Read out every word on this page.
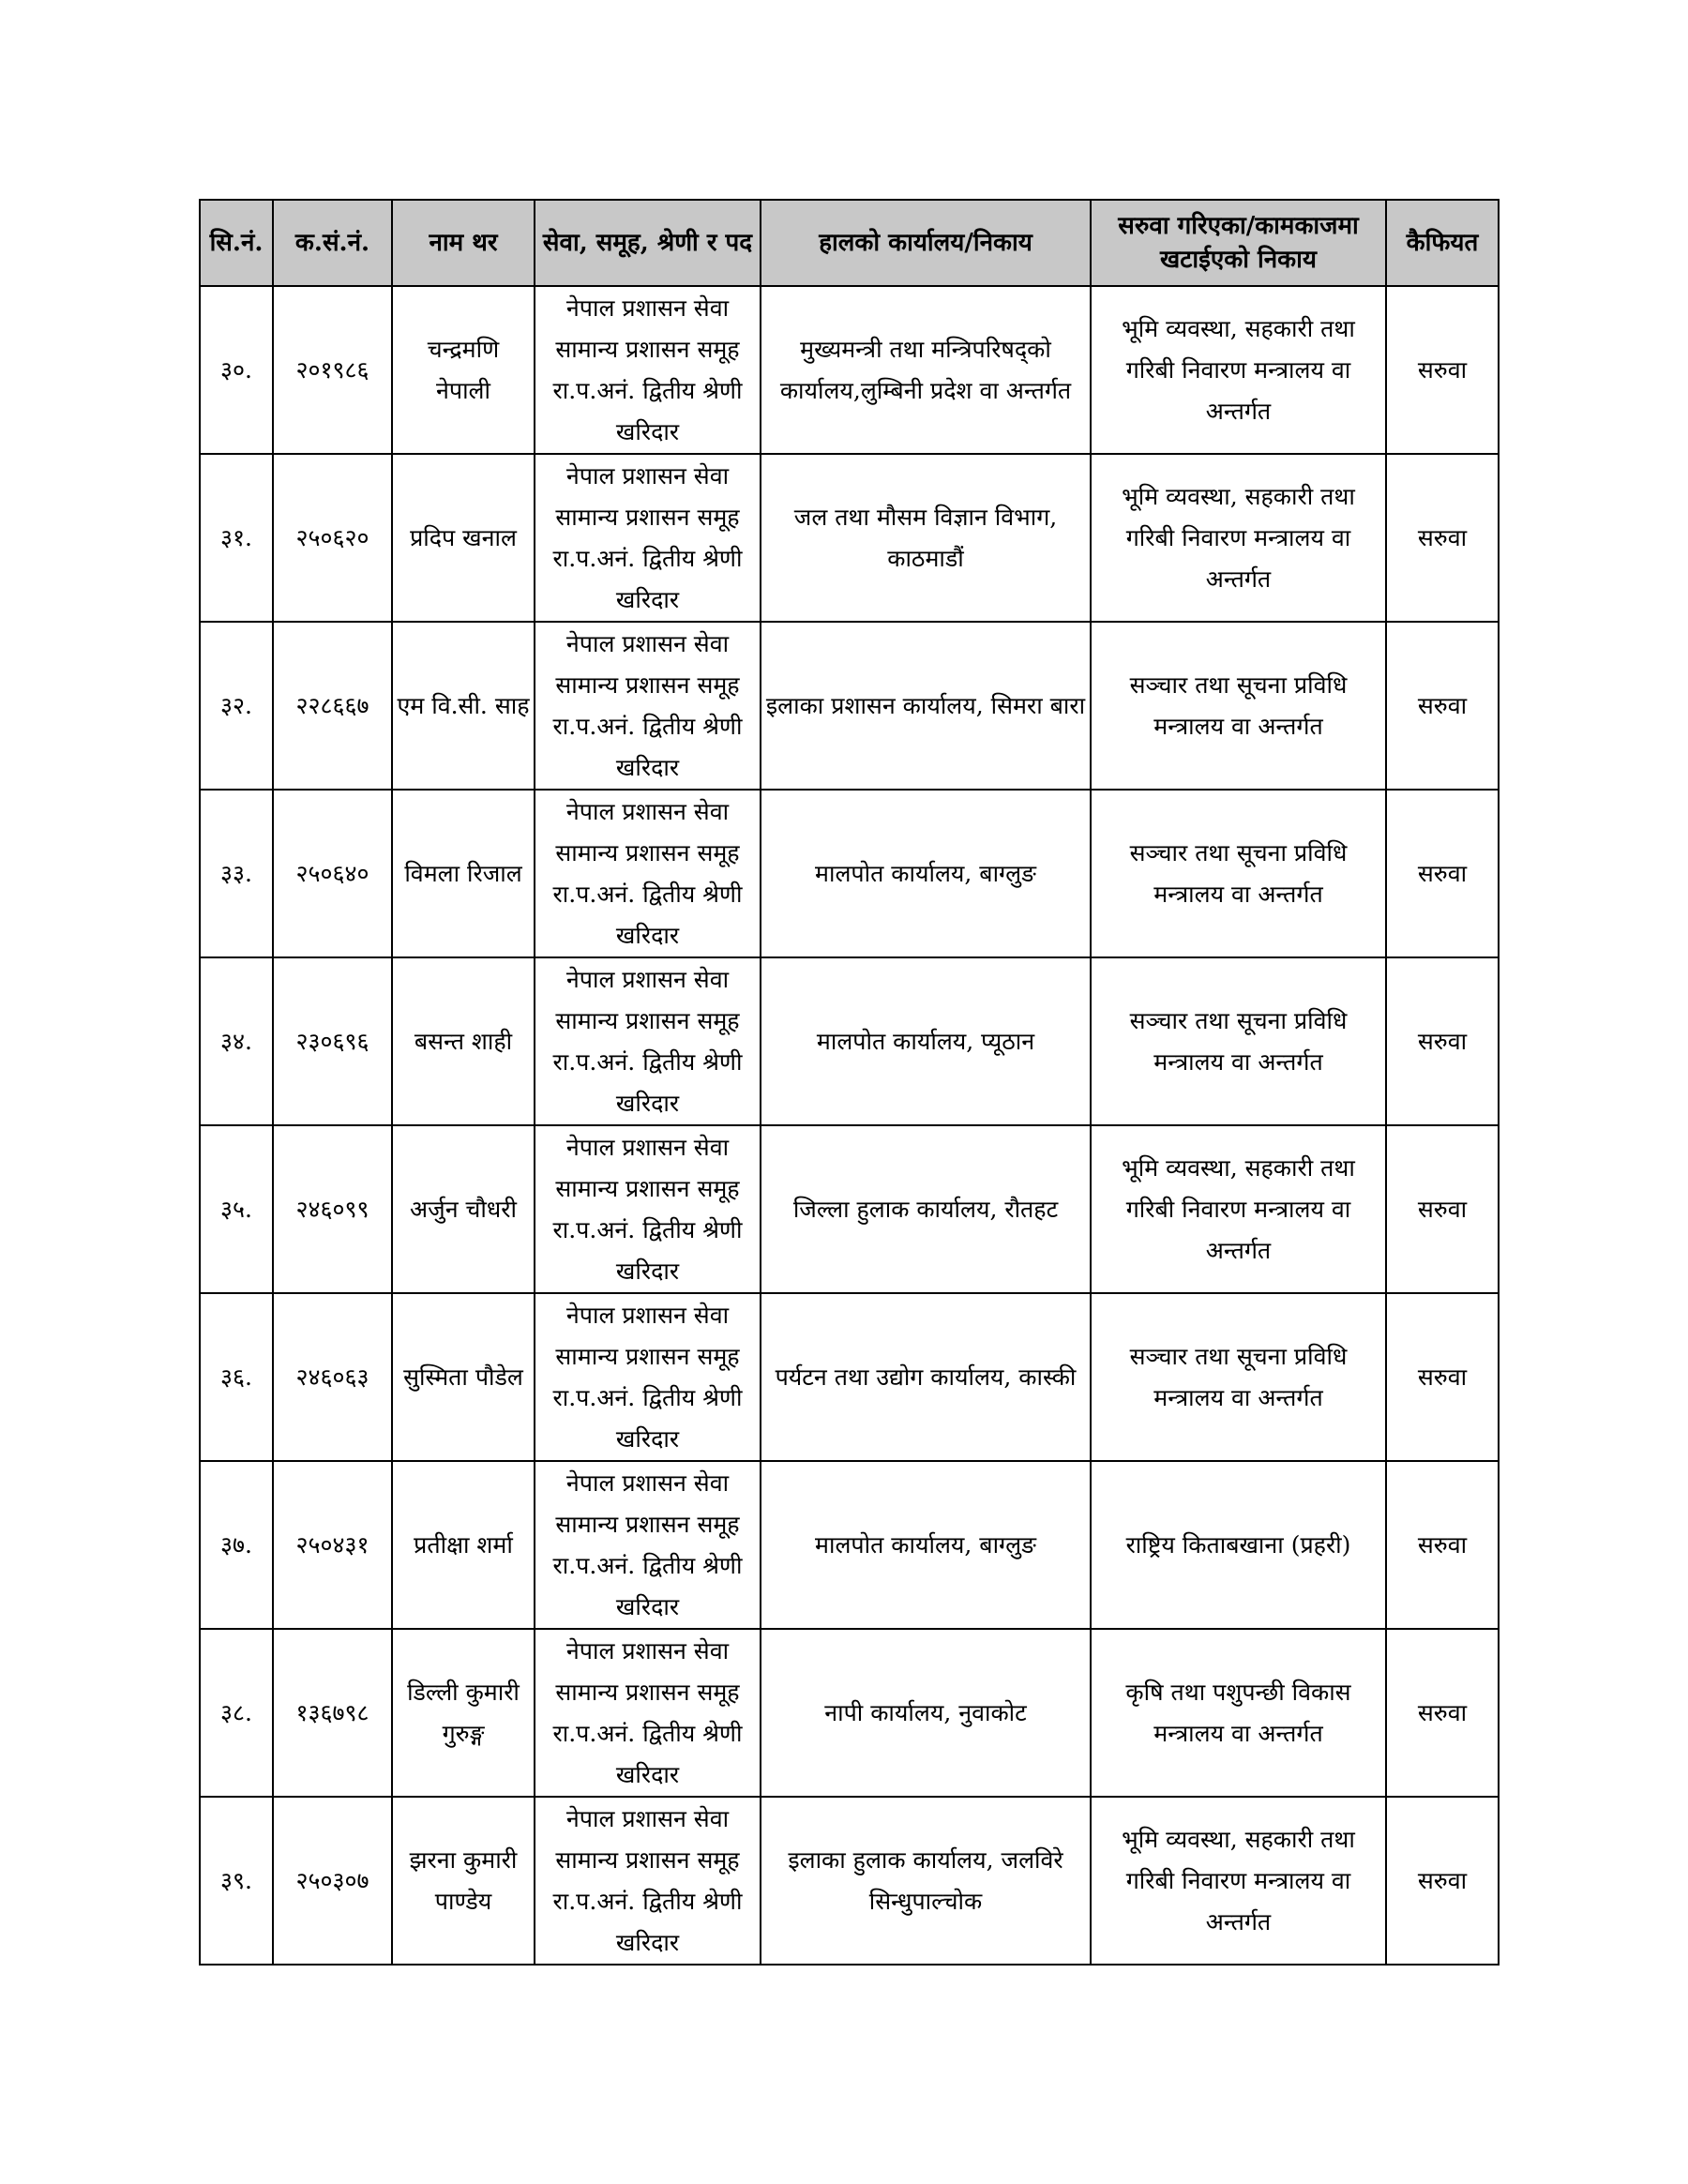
सि.नं.	क.सं.नं.	नाम थर	सेवा, समूह, श्रेणी र पद	हालको कार्यालय/निकाय	सरुवा गरिएका/कामकाजमा खटाईएको निकाय	कैफियत
३०.	२०१९८६	चन्द्रमणि नेपाली	नेपाल प्रशासन सेवा
सामान्य प्रशासन समूह
रा.प.अनं. द्वितीय श्रेणी
खरिदार	मुख्यमन्त्री तथा मन्त्रिपरिषद्को कार्यालय,लुम्बिनी प्रदेश वा अन्तर्गत	भूमि व्यवस्था, सहकारी तथा गरिबी निवारण मन्त्रालय वा अन्तर्गत	सरुवा
३१.	२५०६२०	प्रदिप खनाल	नेपाल प्रशासन सेवा
सामान्य प्रशासन समूह
रा.प.अनं. द्वितीय श्रेणी
खरिदार	जल तथा मौसम विज्ञान विभाग, काठमाडौं	भूमि व्यवस्था, सहकारी तथा गरिबी निवारण मन्त्रालय वा अन्तर्गत	सरुवा
३२.	२२८६६७	एम वि.सी. साह	नेपाल प्रशासन सेवा
सामान्य प्रशासन समूह
रा.प.अनं. द्वितीय श्रेणी
खरिदार	इलाका प्रशासन कार्यालय, सिमरा बारा	सञ्चार तथा सूचना प्रविधि मन्त्रालय वा अन्तर्गत	सरुवा
३३.	२५०६४०	विमला रिजाल	नेपाल प्रशासन सेवा
सामान्य प्रशासन समूह
रा.प.अनं. द्वितीय श्रेणी
खरिदार	मालपोत कार्यालय, बाग्लुङ	सञ्चार तथा सूचना प्रविधि मन्त्रालय वा अन्तर्गत	सरुवा
३४.	२३०६९६	बसन्त शाही	नेपाल प्रशासन सेवा
सामान्य प्रशासन समूह
रा.प.अनं. द्वितीय श्रेणी
खरिदार	मालपोत कार्यालय, प्यूठान	सञ्चार तथा सूचना प्रविधि मन्त्रालय वा अन्तर्गत	सरुवा
३५.	२४६०९९	अर्जुन चौधरी	नेपाल प्रशासन सेवा
सामान्य प्रशासन समूह
रा.प.अनं. द्वितीय श्रेणी
खरिदार	जिल्ला हुलाक कार्यालय, रौतहट	भूमि व्यवस्था, सहकारी तथा गरिबी निवारण मन्त्रालय वा अन्तर्गत	सरुवा
३६.	२४६०६३	सुस्मिता पौडेल	नेपाल प्रशासन सेवा
सामान्य प्रशासन समूह
रा.प.अनं. द्वितीय श्रेणी
खरिदार	पर्यटन तथा उद्योग कार्यालय, कास्की	सञ्चार तथा सूचना प्रविधि मन्त्रालय वा अन्तर्गत	सरुवा
३७.	२५०४३१	प्रतीक्षा शर्मा	नेपाल प्रशासन सेवा
सामान्य प्रशासन समूह
रा.प.अनं. द्वितीय श्रेणी
खरिदार	मालपोत कार्यालय, बाग्लुङ	राष्ट्रिय किताबखाना (प्रहरी)	सरुवा
३८.	१३६७९८	डिल्ली कुमारी गुरुङ्ग	नेपाल प्रशासन सेवा
सामान्य प्रशासन समूह
रा.प.अनं. द्वितीय श्रेणी
खरिदार	नापी कार्यालय, नुवाकोट	कृषि तथा पशुपन्छी विकास मन्त्रालय वा अन्तर्गत	सरुवा
३९.	२५०३०७	झरना कुमारी पाण्डेय	नेपाल प्रशासन सेवा
सामान्य प्रशासन समूह
रा.प.अनं. द्वितीय श्रेणी
खरिदार	इलाका हुलाक कार्यालय, जलविरे सिन्धुपाल्चोक	भूमि व्यवस्था, सहकारी तथा गरिबी निवारण मन्त्रालय वा अन्तर्गत	सरुवा
